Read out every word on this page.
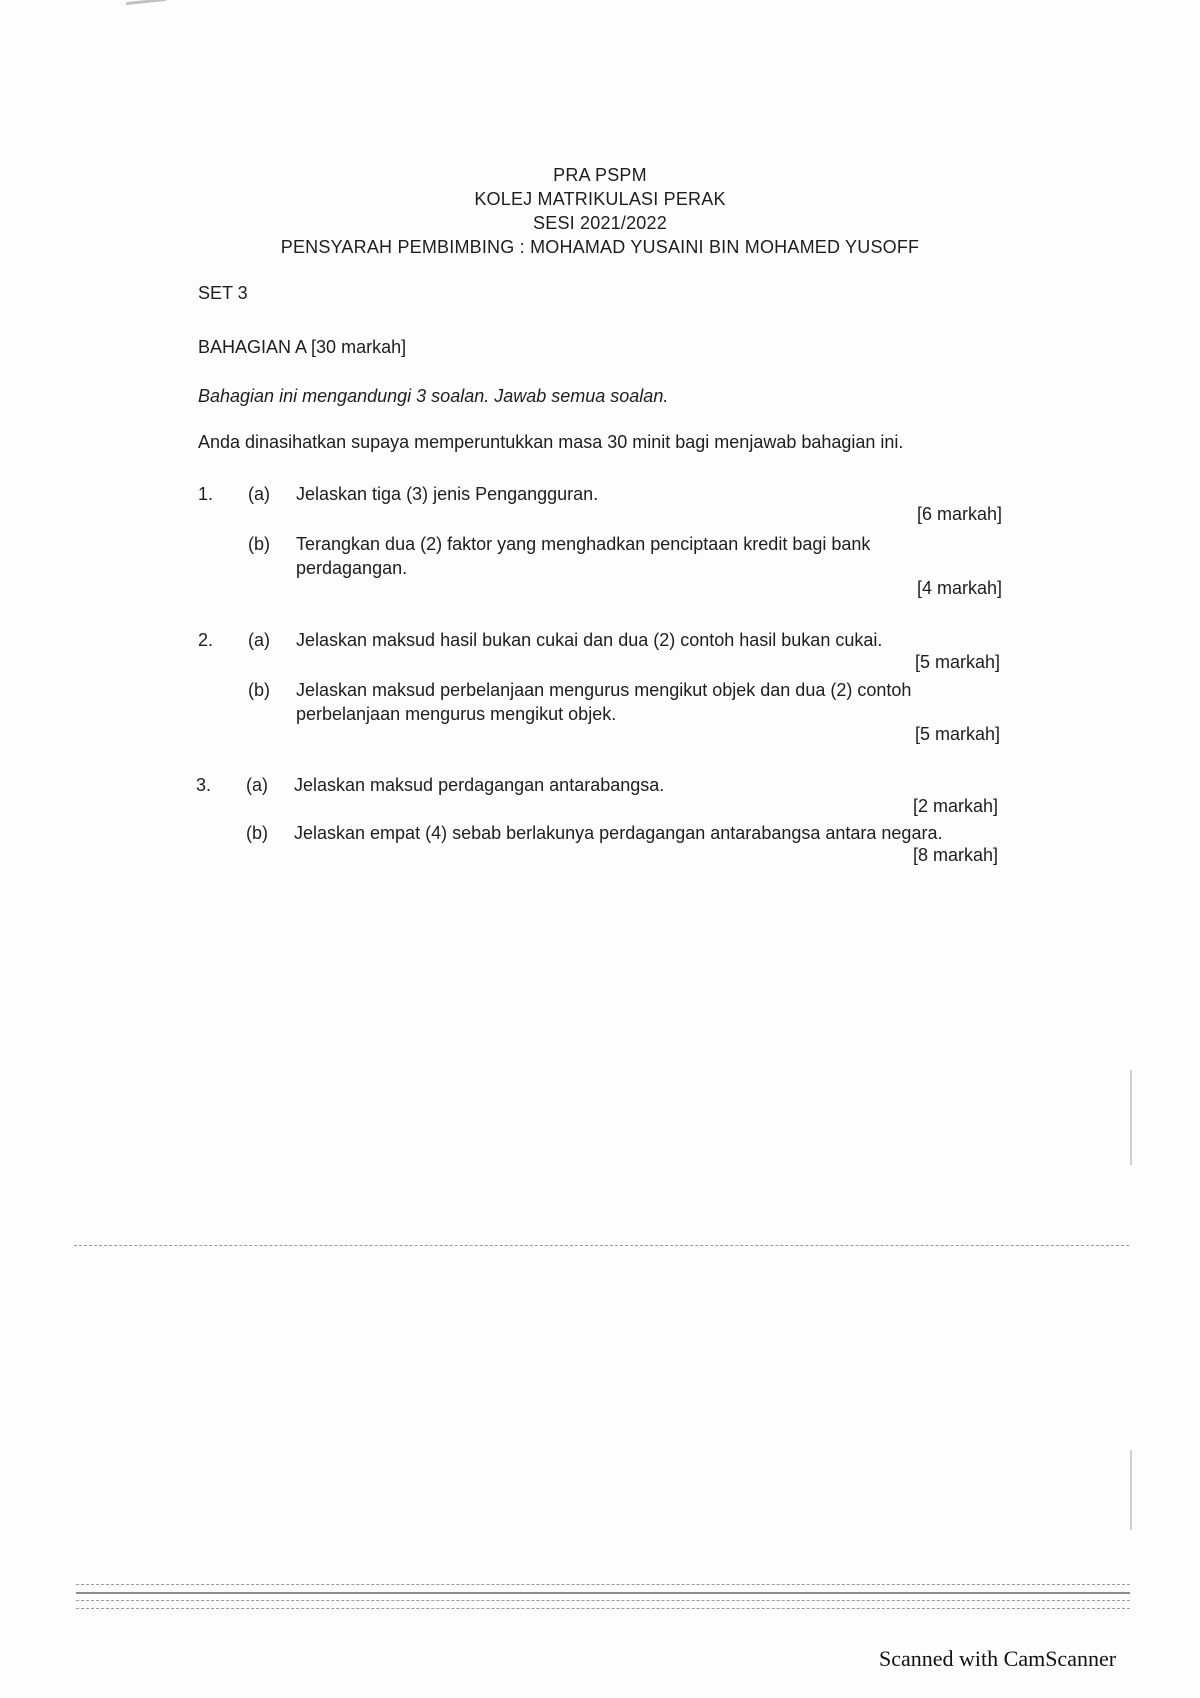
PRA PSPM
KOLEJ MATRIKULASI PERAK
SESI 2021/2022
PENSYARAH PEMBIMBING : MOHAMAD YUSAINI BIN MOHAMED YUSOFF
SET 3
BAHAGIAN A [30 markah]
Bahagian ini mengandungi 3 soalan. Jawab semua soalan.
Anda dinasihatkan supaya memperuntukkan masa 30 minit bagi menjawab bahagian ini.
1. (a) Jelaskan tiga (3) jenis Pengangguran.
[6 markah]
(b) Terangkan dua (2) faktor yang menghadkan penciptaan kredit bagi bank
perdagangan.
[4 markah]
2. (a) Jelaskan maksud hasil bukan cukai dan dua (2) contoh hasil bukan cukai.
[5 markah]
(b) Jelaskan maksud perbelanjaan mengurus mengikut objek dan dua (2) contoh
perbelanjaan mengurus mengikut objek.
[5 markah]
3. (a) Jelaskan maksud perdagangan antarabangsa.
[2 markah]
(b) Jelaskan empat (4) sebab berlakunya perdagangan antarabangsa antara negara.
[8 markah]
Scanned with CamScanner
